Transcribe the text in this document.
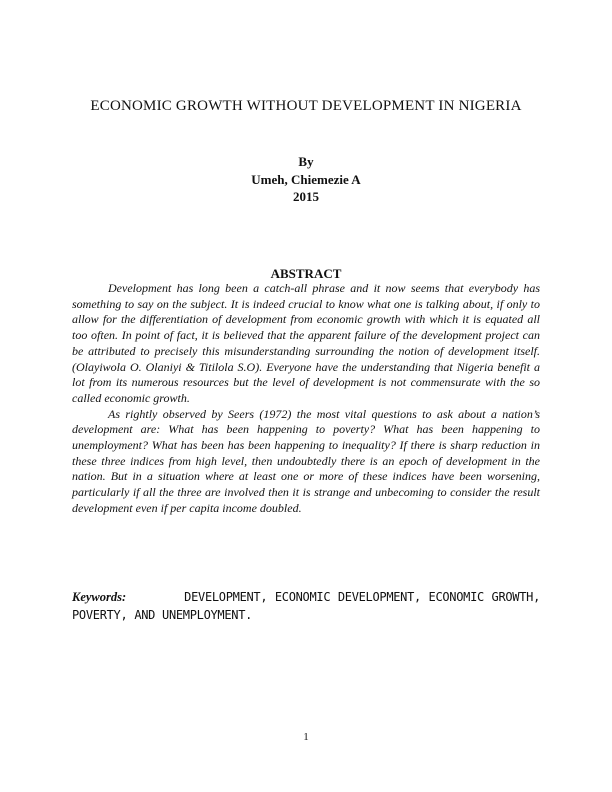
ECONOMIC GROWTH WITHOUT DEVELOPMENT IN NIGERIA
By
Umeh, Chiemezie A
2015
ABSTRACT

Development has long been a catch-all phrase and it now seems that everybody has something to say on the subject. It is indeed crucial to know what one is talking about, if only to allow for the differentiation of development from economic growth with which it is equated all too often. In point of fact, it is believed that the apparent failure of the development project can be attributed to precisely this misunderstanding surrounding the notion of development itself. (Olayiwola O. Olaniyi & Titilola S.O). Everyone have the understanding that Nigeria benefit a lot from its numerous resources but the level of development is not commensurate with the so called economic growth.

As rightly observed by Seers (1972) the most vital questions to ask about a nation’s development are: What has been happening to poverty? What has been happening to unemployment? What has been has been happening to inequality? If there is sharp reduction in these three indices from high level, then undoubtedly there is an epoch of development in the nation. But in a situation where at least one or more of these indices have been worsening, particularly if all the three are involved then it is strange and unbecoming to consider the result development even if per capita income doubled.

Keywords:	DEVELOPMENT, ECONOMIC DEVELOPMENT, ECONOMIC GROWTH, POVERTY, AND UNEMPLOYMENT.
1
